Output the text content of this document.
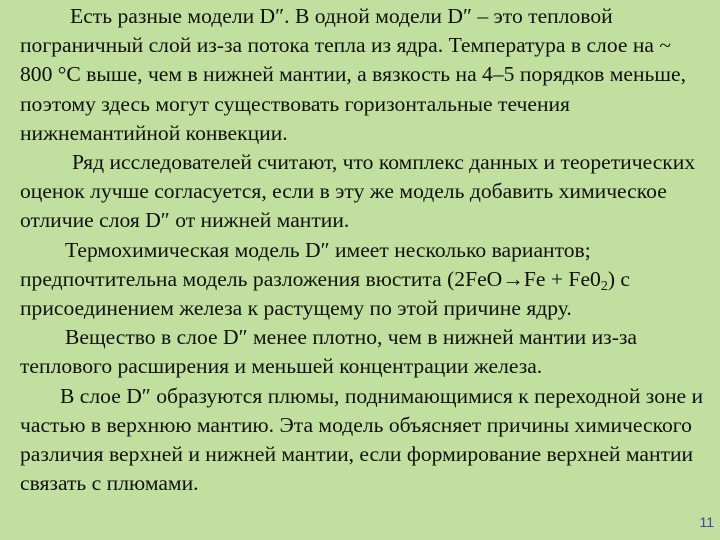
Есть разные модели D″. В одной модели D″ – это тепловой пограничный слой из-за потока тепла из ядра. Температура в слое на ~ 800 °С выше, чем в нижней мантии, а вязкость на 4–5 порядков меньше, поэтому здесь могут существовать горизонтальные течения нижнемантийной конвекции.

Ряд исследователей считают, что комплекс данных и теоретических оценок лучше согласуется, если в эту же модель добавить химическое отличие слоя D″ от нижней мантии.

Термохимическая модель D″ имеет несколько вариантов; предпочтительна модель разложения вюстита $(2FeO\to Fe + Fe0_2)$ с присоединением железа к растущему по этой причине ядру.

Вещество в слое D″ менее плотно, чем в нижней мантии из-за теплового расширения и меньшей концентрации железа.

В слое D″ образуются плюмы, поднимающимися к переходной зоне и частью в верхнюю мантию. Эта модель объясняет причины химического различия верхней и нижней мантии, если формирование верхней мантии связать с плюмами.

11
